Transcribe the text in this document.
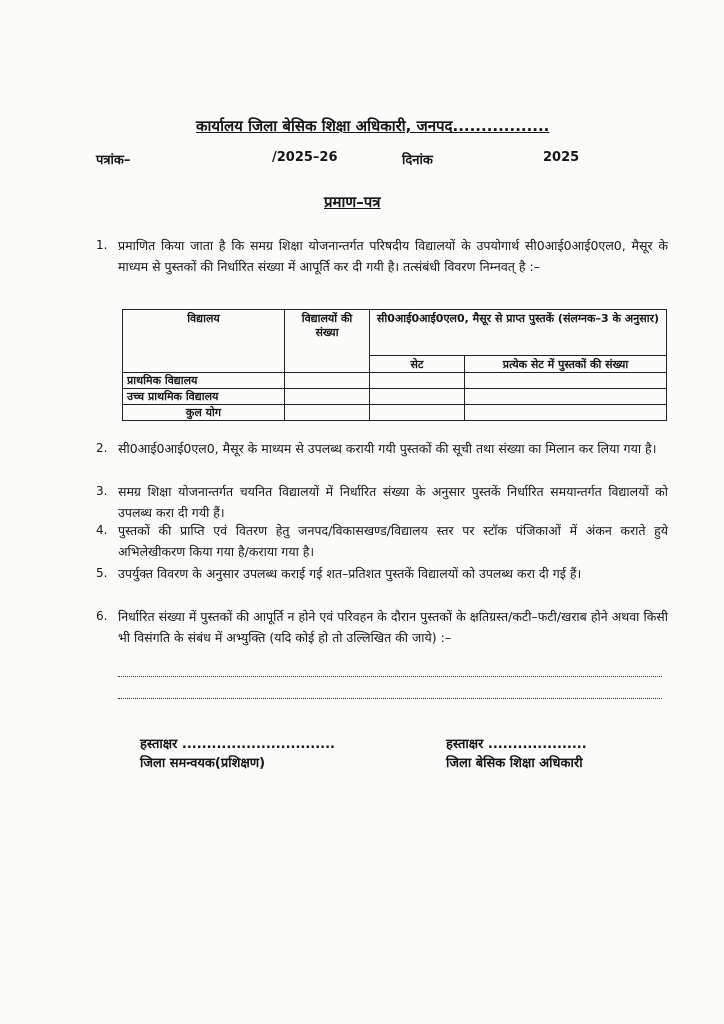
कार्यालय जिला बेसिक शिक्षा अधिकारी, जनपद.................
पत्रांक–	/2025–26	दिनांक	2025
प्रमाण–पत्र
1. प्रमाणित किया जाता है कि समग्र शिक्षा योजनान्तर्गत परिषदीय विद्यालयों के उपयोगार्थ सी0आई0आई0एल0, मैसूर के माध्यम से पुस्तकों की निर्धारित संख्या में आपूर्ति कर दी गयी है। तत्संबंधी विवरण निम्नवत् है :–
विद्यालय	विद्यालयों की संख्या	सी0आई0आई0एल0, मैसूर से प्राप्त पुस्तकें (संलग्नक–3 के अनुसार)	
		सेट	प्रत्येक सेट में पुस्तकों की संख्या
प्राथमिक विद्यालय			
उच्च प्राथमिक विद्यालय			
कुल योग			
2. सी0आई0आई0एल0, मैसूर के माध्यम से उपलब्ध करायी गयी पुस्तकों की सूची तथा संख्या का मिलान कर लिया गया है।
3. समग्र शिक्षा योजनान्तर्गत चयनित विद्यालयों में निर्धारित संख्या के अनुसार पुस्तकें निर्धारित समयान्तर्गत विद्यालयों को उपलब्ध करा दी गयी हैं।
4. पुस्तकों की प्राप्ति एवं वितरण हेतु जनपद/विकासखण्ड/विद्यालय स्तर पर स्टॉक पंजिकाओं में अंकन कराते हुये अभिलेखीकरण किया गया है/कराया गया है।
5. उपर्युक्त विवरण के अनुसार उपलब्ध कराई गई शत–प्रतिशत पुस्तकें विद्यालयों को उपलब्ध करा दी गई हैं।
6. निर्धारित संख्या में पुस्तकों की आपूर्ति न होने एवं परिवहन के दौरान पुस्तकों के क्षतिग्रस्त/कटी–फटी/खराब होने अथवा किसी भी विसंगति के संबंध में अभ्युक्ति (यदि कोई हो तो उल्लिखित की जाये) :–
हस्ताक्षर ...............................
जिला समन्वयक(प्रशिक्षण)
हस्ताक्षर ....................
जिला बेसिक शिक्षा अधिकारी
